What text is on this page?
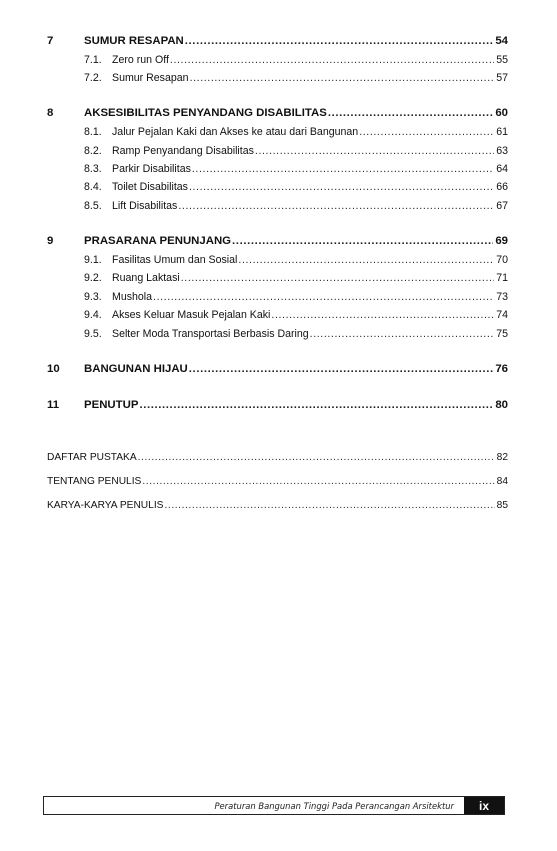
7	SUMUR RESAPAN .....	54
7.1. Zero run Off .....	55
7.2. Sumur Resapan .....	57
8	AKSESIBILITAS PENYANDANG DISABILITAS .....	60
8.1. Jalur Pejalan Kaki dan Akses ke atau dari Bangunan .....	61
8.2. Ramp Penyandang Disabilitas .....	63
8.3. Parkir Disabilitas .....	64
8.4. Toilet Disabilitas .....	66
8.5. Lift Disabilitas .....	67
9	PRASARANA PENUNJANG .....	69
9.1. Fasilitas Umum dan Sosial .....	70
9.2. Ruang Laktasi .....	71
9.3. Mushola .....	73
9.4. Akses Keluar Masuk Pejalan Kaki .....	74
9.5. Selter Moda Transportasi Berbasis Daring .....	75
10	BANGUNAN HIJAU .....	76
11	PENUTUP .....	80
DAFTAR PUSTAKA .....	82
TENTANG PENULIS .....	84
KARYA-KARYA PENULIS .....	85
Peraturan Bangunan Tinggi Pada Perancangan Arsitektur	ix
